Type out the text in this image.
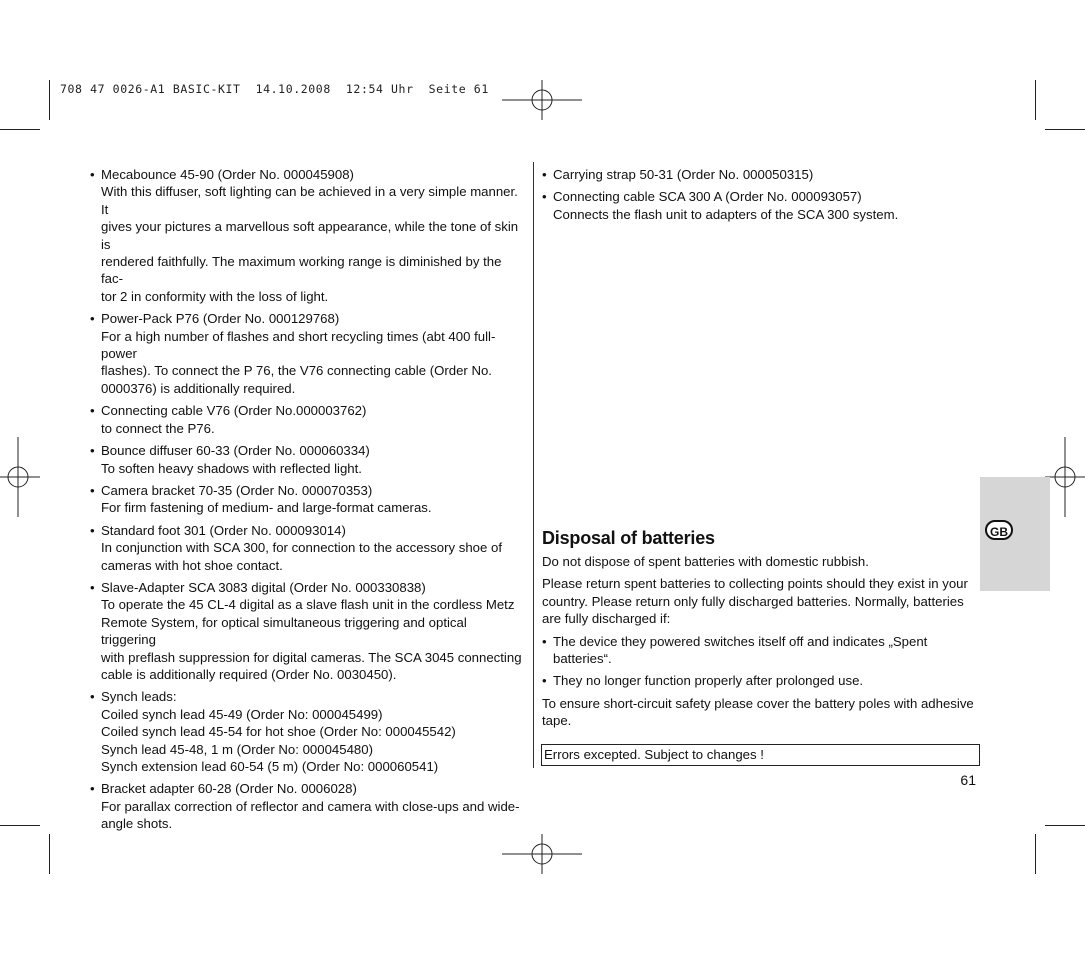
708 47 0026-A1 BASIC-KIT  14.10.2008  12:54 Uhr  Seite 61
• Mecabounce 45-90 (Order No. 000045908)
With this diffuser, soft lighting can be achieved in a very simple manner. It
gives your pictures a marvellous soft appearance, while the tone of skin is
rendered faithfully. The maximum working range is diminished by the fac-
tor 2 in conformity with the loss of light.
• Power-Pack P76 (Order No. 000129768)
For a high number of flashes and short recycling times (abt 400 full-power
flashes). To connect the P 76, the V76 connecting cable (Order No.
0000376) is additionally required.
• Connecting cable V76 (Order No.000003762)
to connect the P76.
• Bounce diffuser 60-33 (Order No. 000060334)
To soften heavy shadows with reflected light.
• Camera bracket 70-35 (Order No. 000070353)
For firm fastening of medium- and large-format cameras.
• Standard foot 301 (Order No. 000093014)
In conjunction with SCA 300, for connection to the accessory shoe of
cameras with hot shoe contact.
• Slave-Adapter SCA 3083 digital (Order No. 000330838)
To operate the 45 CL-4 digital as a slave flash unit in the cordless Metz
Remote System, for optical simultaneous triggering and optical triggering
with preflash suppression for digital cameras. The SCA 3045 connecting
cable is additionally required (Order No. 0030450).
• Synch leads:
Coiled synch lead 45-49 (Order No: 000045499)
Coiled synch lead 45-54 for hot shoe (Order No: 000045542)
Synch lead 45-48, 1 m (Order No: 000045480)
Synch extension lead 60-54 (5 m) (Order No: 000060541)
• Bracket adapter 60-28 (Order No. 0006028)
For parallax correction of reflector and camera with close-ups and wide-
angle shots.
• Carrying strap 50-31 (Order No. 000050315)
• Connecting cable SCA 300 A (Order No. 000093057)
Connects the flash unit to adapters of the SCA 300 system.
Disposal of batteries

Do not dispose of spent batteries with domestic rubbish.

Please return spent batteries to collecting points should they exist in your country. Please return only fully discharged batteries. Normally, batteries are fully discharged if:

• The device they powered switches itself off and indicates „Spent batteries“.
• They no longer function properly after prolonged use.

To ensure short-circuit safety please cover the battery poles with adhesive tape.

Errors excepted. Subject to changes !
61
GB
